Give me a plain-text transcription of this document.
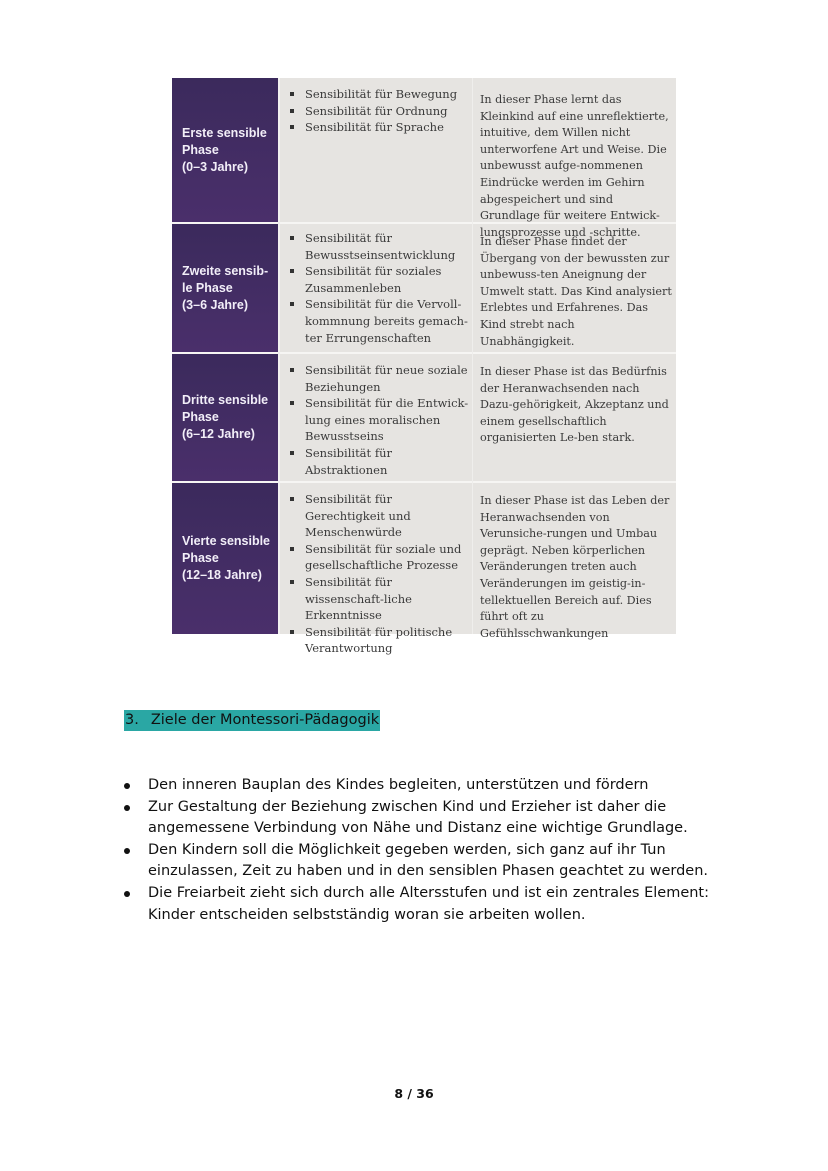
Erste sensible
Phase
(0–3 Jahre)
Sensibilität für Bewegung
Sensibilität für Ordnung
Sensibilität für Sprache
In dieser Phase lernt das Kleinkind auf eine unreflektierte, intuitive, dem Willen nicht unterworfene Art und Weise. Die unbewusst aufge-nommenen Eindrücke werden im Gehirn abgespeichert und sind Grundlage für weitere Entwick-lungsprozesse und -schritte.
Zweite sensib-
le Phase
(3–6 Jahre)
Sensibilität für Bewusstseinsentwicklung
Sensibilität für soziales Zusammenleben
Sensibilität für die Vervoll-kommnung bereits gemach-ter Errungenschaften
In dieser Phase findet der Übergang von der bewussten zur unbewuss-ten Aneignung der Umwelt statt. Das Kind analysiert Erlebtes und Erfahrenes. Das Kind strebt nach Unabhängigkeit.
Dritte sensible
Phase
(6–12 Jahre)
Sensibilität für neue soziale Beziehungen
Sensibilität für die Entwick-lung eines moralischen Bewusstseins
Sensibilität für Abstraktionen
In dieser Phase ist das Bedürfnis der Heranwachsenden nach Dazu-gehörigkeit, Akzeptanz und einem gesellschaftlich organisierten Le-ben stark.
Vierte sensible
Phase
(12–18 Jahre)
Sensibilität für Gerechtigkeit und Menschenwürde
Sensibilität für soziale und gesellschaftliche Prozesse
Sensibilität für wissenschaft-liche Erkenntnisse
Sensibilität für politische Verantwortung
In dieser Phase ist das Leben der Heranwachsenden von Verunsiche-rungen und Umbau geprägt. Neben körperlichen Veränderungen treten auch Veränderungen im geistig-in-tellektuellen Bereich auf. Dies führt oft zu Gefühlsschwankungen
3. Ziele der Montessori-Pädagogik
Den inneren Bauplan des Kindes begleiten, unterstützen und fördern
Zur Gestaltung der Beziehung zwischen Kind und Erzieher ist daher die angemessene Verbindung von Nähe und Distanz eine wichtige Grundlage.
Den Kindern soll die Möglichkeit gegeben werden, sich ganz auf ihr Tun einzulassen, Zeit zu haben und in den sensiblen Phasen geachtet zu werden.
Die Freiarbeit zieht sich durch alle Altersstufen und ist ein zentrales Element: Kinder entscheiden selbstständig woran sie arbeiten wollen.
8 / 36
